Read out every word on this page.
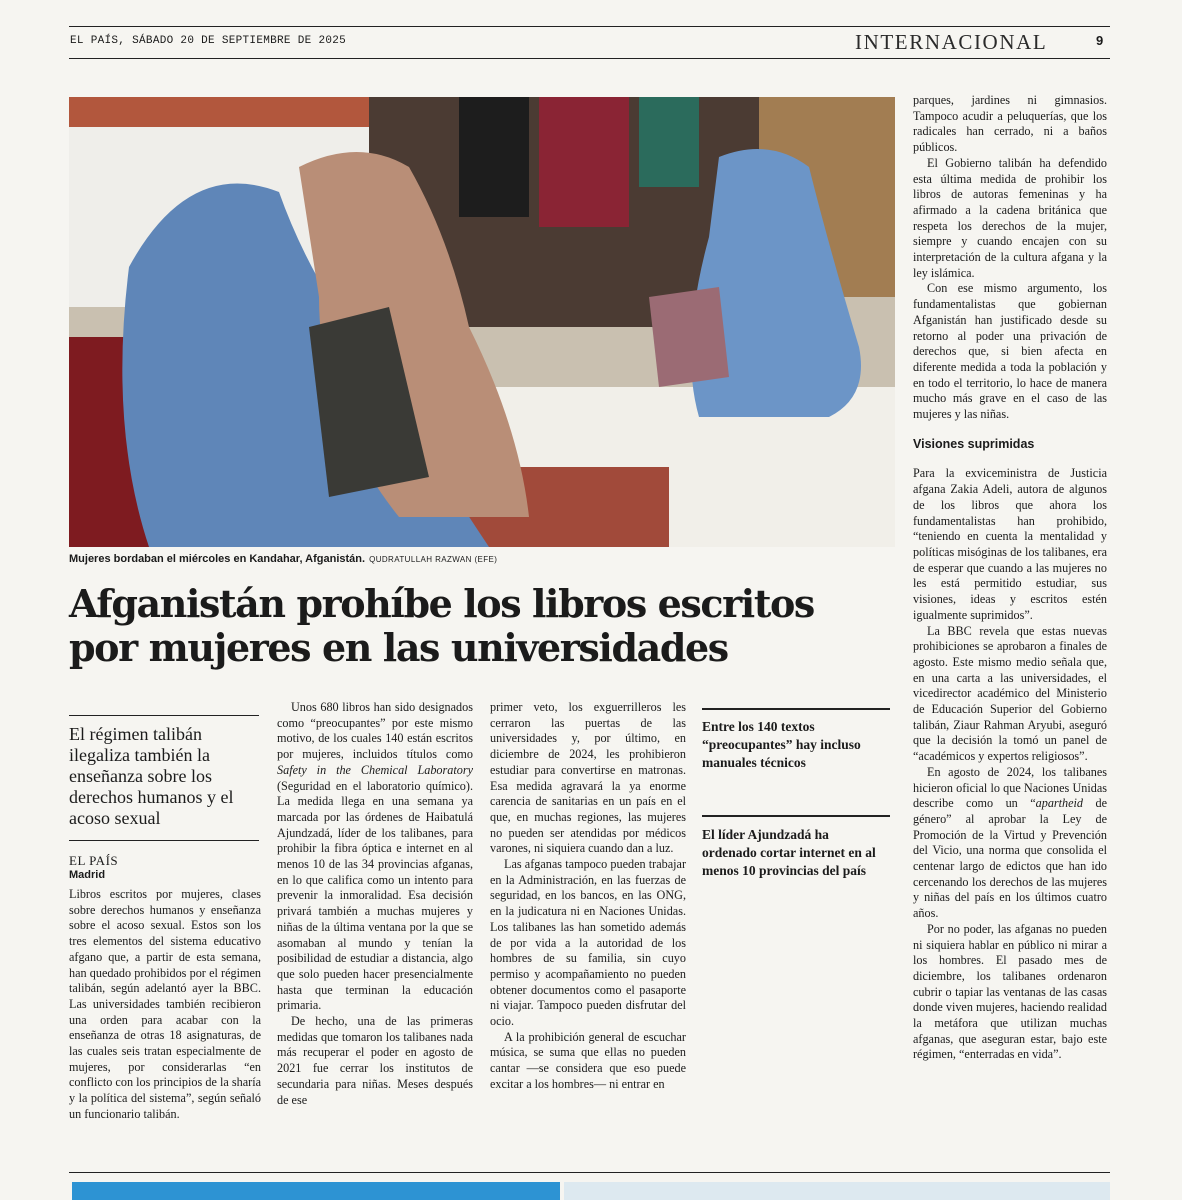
EL PAÍS, SÁBADO 20 DE SEPTIEMBRE DE 2025	INTERNACIONAL	9
Mujeres bordaban el miércoles en Kandahar, Afganistán. QUDRATULLAH RAZWAN (EFE)
Afganistán prohíbe los libros escritos
por mujeres en las universidades
El régimen talibán ilegaliza también la enseñanza sobre los derechos humanos y el acoso sexual
EL PAÍS
Madrid

Libros escritos por mujeres, clases sobre derechos humanos y enseñanza sobre el acoso sexual. Estos son los tres elementos del sistema educativo afgano que, a partir de esta semana, han quedado prohibidos por el régimen talibán, según adelantó ayer la BBC. Las universidades también recibieron una orden para acabar con la enseñanza de otras 18 asignaturas, de las cuales seis tratan especialmente de mujeres, por considerarlas “en conflicto con los principios de la sharía y la política del sistema”, según señaló un funcionario talibán.

Unos 680 libros han sido designados como “preocupantes” por este mismo motivo, de los cuales 140 están escritos por mujeres, incluidos títulos como Safety in the Chemical Laboratory (Seguridad en el laboratorio químico). La medida llega en una semana ya marcada por las órdenes de Haibatulá Ajundzadá, líder de los talibanes, para prohibir la fibra óptica e internet en al menos 10 de las 34 provincias afganas, en lo que califica como un intento para prevenir la inmoralidad. Esa decisión privará también a muchas mujeres y niñas de la última ventana por la que se asomaban al mundo y tenían la posibilidad de estudiar a distancia, algo que solo pueden hacer presencialmente hasta que terminan la educación primaria.

De hecho, una de las primeras medidas que tomaron los talibanes nada más recuperar el poder en agosto de 2021 fue cerrar los institutos de secundaria para niñas. Meses después de ese

primer veto, los exguerrilleros les cerraron las puertas de las universidades y, por último, en diciembre de 2024, les prohibieron estudiar para convertirse en matronas. Esa medida agravará la ya enorme carencia de sanitarias en un país en el que, en muchas regiones, las mujeres no pueden ser atendidas por médicos varones, ni siquiera cuando dan a luz.

Las afganas tampoco pueden trabajar en la Administración, en las fuerzas de seguridad, en los bancos, en las ONG, en la judicatura ni en Naciones Unidas. Los talibanes las han sometido además de por vida a la autoridad de los hombres de su familia, sin cuyo permiso y acompañamiento no pueden obtener documentos como el pasaporte ni viajar. Tampoco pueden disfrutar del ocio.

A la prohibición general de escuchar música, se suma que ellas no pueden cantar —se considera que eso puede excitar a los hombres— ni entrar en

Entre los 140 textos “preocupantes” hay incluso manuales técnicos
El líder Ajundzadá ha ordenado cortar internet en al menos 10 provincias del país

parques, jardines ni gimnasios. Tampoco acudir a peluquerías, que los radicales han cerrado, ni a baños públicos.

El Gobierno talibán ha defendido esta última medida de prohibir los libros de autoras femeninas y ha afirmado a la cadena británica que respeta los derechos de la mujer, siempre y cuando encajen con su interpretación de la cultura afgana y la ley islámica.

Con ese mismo argumento, los fundamentalistas que gobiernan Afganistán han justificado desde su retorno al poder una privación de derechos que, si bien afecta en diferente medida a toda la población y en todo el territorio, lo hace de manera mucho más grave en el caso de las mujeres y las niñas.

Visiones suprimidas

Para la exviceministra de Justicia afgana Zakia Adeli, autora de algunos de los libros que ahora los fundamentalistas han prohibido, “teniendo en cuenta la mentalidad y políticas misóginas de los talibanes, era de esperar que cuando a las mujeres no les está permitido estudiar, sus visiones, ideas y escritos estén igualmente suprimidos”.

La BBC revela que estas nuevas prohibiciones se aprobaron a finales de agosto. Este mismo medio señala que, en una carta a las universidades, el vicedirector académico del Ministerio de Educación Superior del Gobierno talibán, Ziaur Rahman Aryubi, aseguró que la decisión la tomó un panel de “académicos y expertos religiosos”.

En agosto de 2024, los talibanes hicieron oficial lo que Naciones Unidas describe como un “apartheid de género” al aprobar la Ley de Promoción de la Virtud y Prevención del Vicio, una norma que consolida el centenar largo de edictos que han ido cercenando los derechos de las mujeres y niñas del país en los últimos cuatro años.

Por no poder, las afganas no pueden ni siquiera hablar en público ni mirar a los hombres. El pasado mes de diciembre, los talibanes ordenaron cubrir o tapiar las ventanas de las casas donde viven mujeres, haciendo realidad la metáfora que utilizan muchas afganas, que aseguran estar, bajo este régimen, “enterradas en vida”.
